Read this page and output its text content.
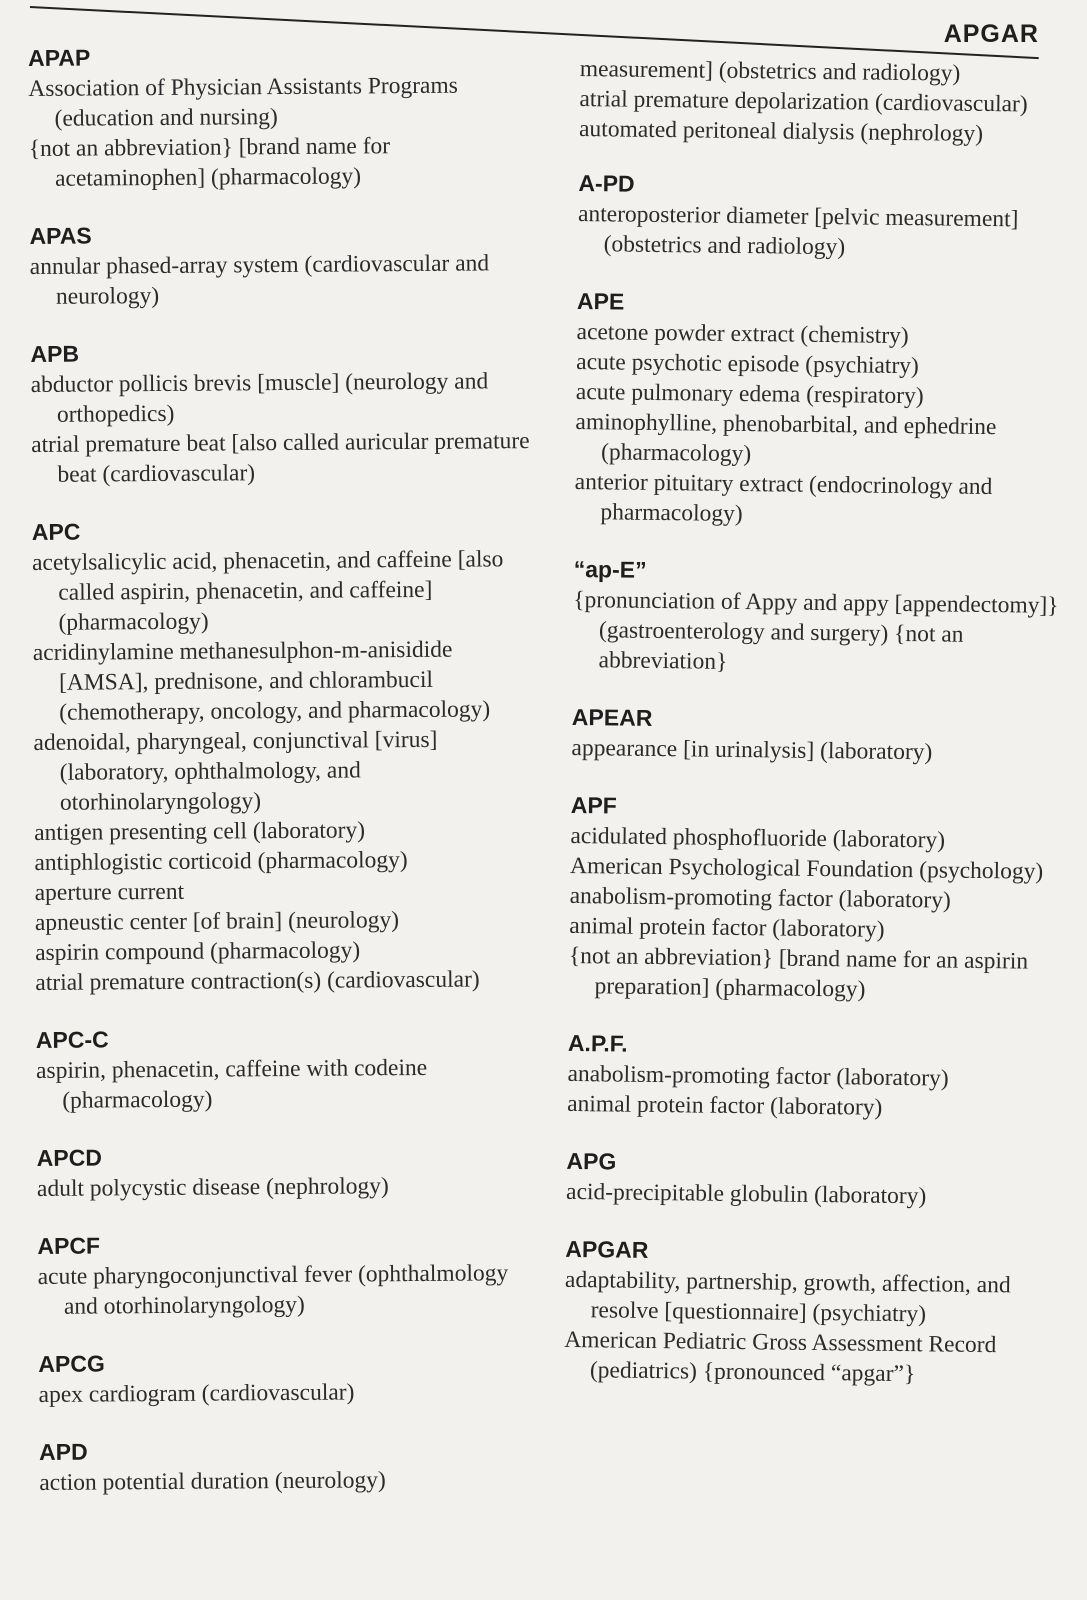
APGAR
APAP

Association of Physician Assistants Programs (education and nursing)

{not an abbreviation} [brand name for acetaminophen] (pharmacology)

APAS

annular phased-array system (cardiovascular and neurology)

APB

abductor pollicis brevis [muscle] (neurology and orthopedics)

atrial premature beat [also called auricular premature beat (cardiovascular)

APC

acetylsalicylic acid, phenacetin, and caffeine [also called aspirin, phenacetin, and caffeine] (pharmacology)

acridinylamine methanesulphon-m-anisidide [AMSA], prednisone, and chlorambucil (chemotherapy, oncology, and pharmacology)

adenoidal, pharyngeal, conjunctival [virus] (laboratory, ophthalmology, and otorhinolaryngology)

antigen presenting cell (laboratory)

antiphlogistic corticoid (pharmacology)

aperture current

apneustic center [of brain] (neurology)

aspirin compound (pharmacology)

atrial premature contraction(s) (cardiovascular)

APC-C

aspirin, phenacetin, caffeine with codeine (pharmacology)

APCD

adult polycystic disease (nephrology)

APCF

acute pharyngoconjunctival fever (ophthalmology and otorhinolaryngology)

APCG

apex cardiogram (cardiovascular)

APD

action potential duration (neurology)

measurement] (obstetrics and radiology)

atrial premature depolarization (cardiovascular)

automated peritoneal dialysis (nephrology)

A-PD

anteroposterior diameter [pelvic measurement] (obstetrics and radiology)

APE

acetone powder extract (chemistry)

acute psychotic episode (psychiatry)

acute pulmonary edema (respiratory)

aminophylline, phenobarbital, and ephedrine (pharmacology)

anterior pituitary extract (endocrinology and pharmacology)

“ap-E”

{pronunciation of Appy and appy [appendectomy]} (gastroenterology and surgery) {not an abbreviation}

APEAR

appearance [in urinalysis] (laboratory)

APF

acidulated phosphofluoride (laboratory)

American Psychological Foundation (psychology)

anabolism-promoting factor (laboratory)

animal protein factor (laboratory)

{not an abbreviation} [brand name for an aspirin preparation] (pharmacology)

A.P.F.

anabolism-promoting factor (laboratory)

animal protein factor (laboratory)

APG

acid-precipitable globulin (laboratory)

APGAR

adaptability, partnership, growth, affection, and resolve [questionnaire] (psychiatry)

American Pediatric Gross Assessment Record (pediatrics) {pronounced “apgar”}
